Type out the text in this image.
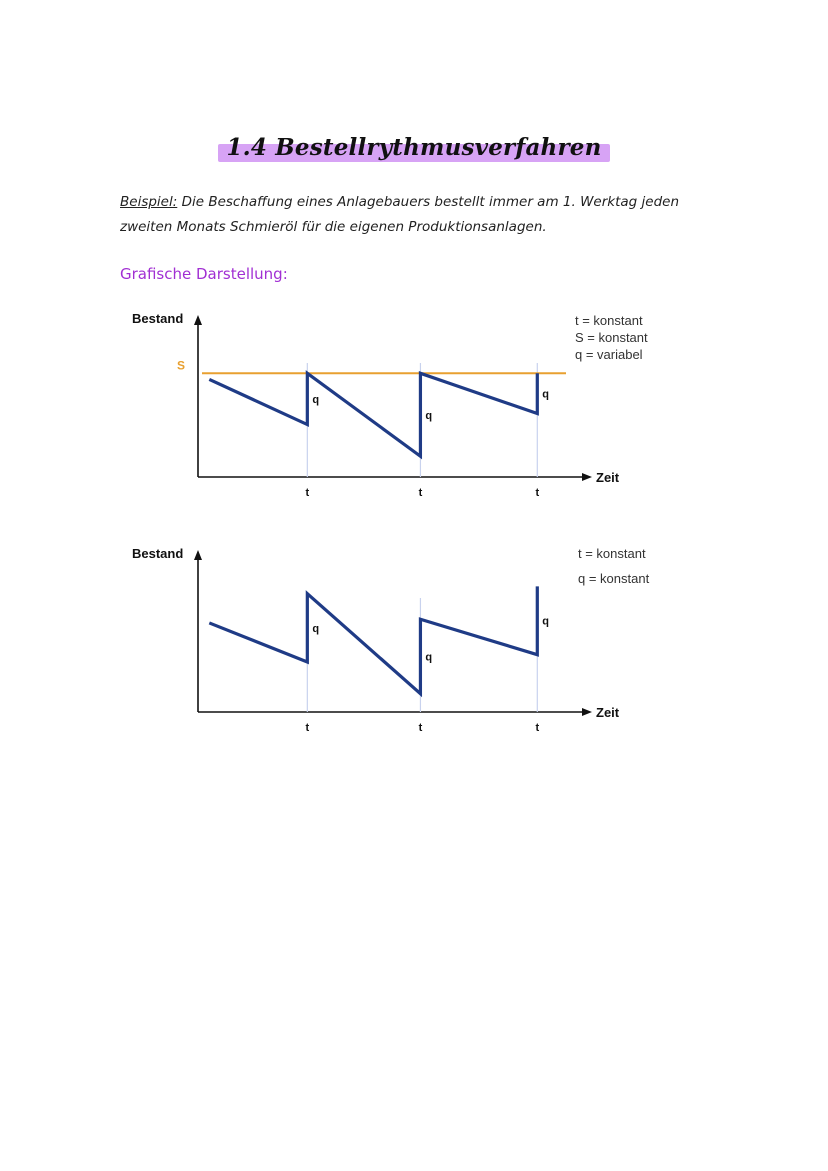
1.4 Bestellrythmusverfahren
Beispiel: Die Beschaffung eines Anlagebauers bestellt immer am 1. Werktag jeden zweiten Monats Schmieröl für die eigenen Produktionsanlagen.
Grafische Darstellung:
Bestand
Zeit
t = konstant
S = konstant
q = variabel
t	t	t
S
q
q
q
Bestand
Zeit
t = konstant
q = konstant
t	t	t
q
q
q
